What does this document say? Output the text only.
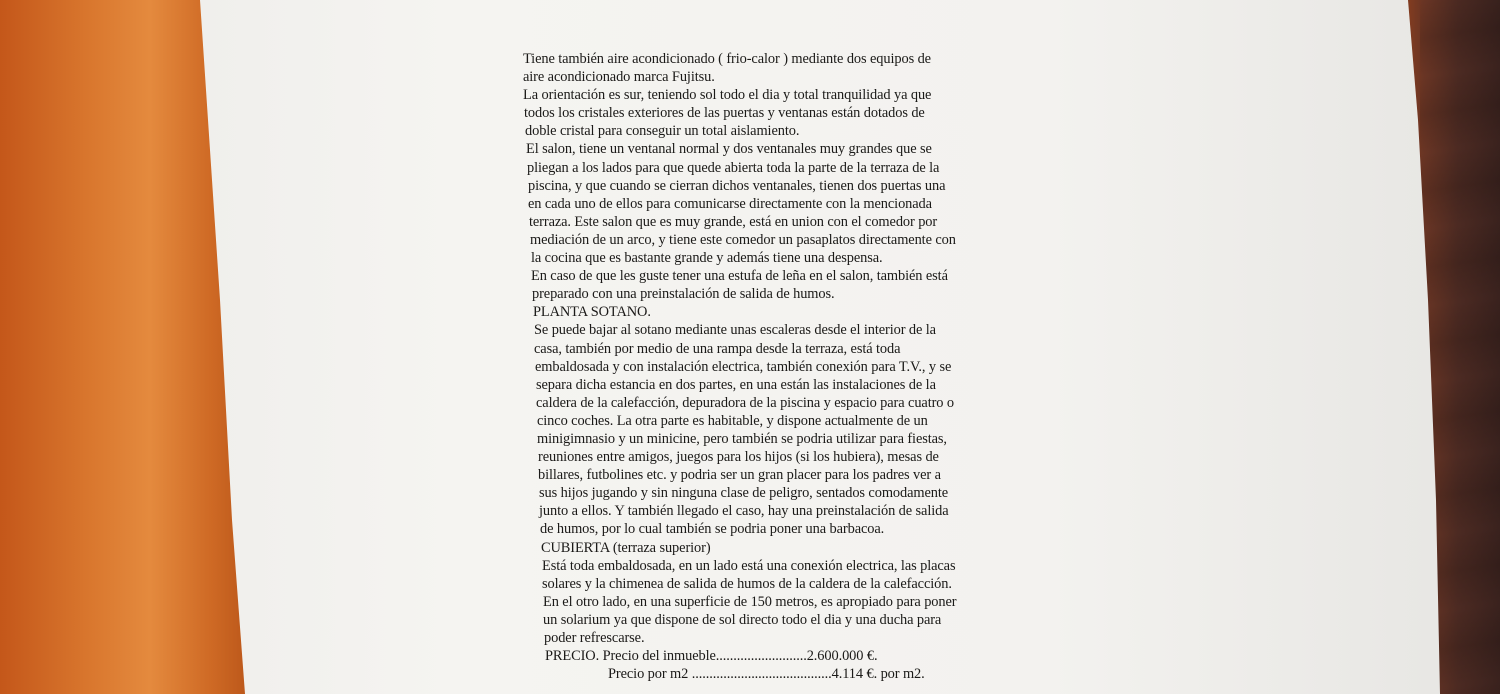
Tiene también aire acondicionado ( frio-calor ) mediante dos equipos de
aire acondicionado marca Fujitsu.
La orientación es sur, teniendo sol todo el dia y total tranquilidad ya que
todos los cristales exteriores de las puertas y ventanas están dotados de
doble cristal para conseguir un total aislamiento.
El salon, tiene un ventanal normal y dos ventanales muy grandes que se
pliegan a los lados para que quede abierta toda la parte de la terraza de la
piscina, y que cuando se cierran dichos ventanales, tienen dos puertas una
en cada uno de ellos para comunicarse directamente con la mencionada
terraza. Este salon que es muy grande, está en union con el comedor por
mediación de un arco, y tiene este comedor un pasaplatos directamente con
la cocina que es bastante grande y además tiene una despensa.
En caso de que les guste tener una estufa de leña en el salon, también está
preparado con una preinstalación de salida de humos.
PLANTA SOTANO.
Se puede bajar al sotano mediante unas escaleras desde el interior de la
casa, también por medio de una rampa desde la terraza, está toda
embaldosada y con instalación electrica, también conexión para T.V., y se
separa dicha estancia en dos partes, en una están las instalaciones de la
caldera de la calefacción, depuradora de la piscina y espacio para cuatro o
cinco coches. La otra parte es habitable, y dispone actualmente de un
minigimnasio y un minicine, pero también se podria utilizar para fiestas,
reuniones entre amigos, juegos para los hijos (si los hubiera), mesas de
billares, futbolines etc. y podria ser un gran placer para los padres ver a
sus hijos jugando y sin ninguna clase de peligro, sentados comodamente
junto a ellos. Y también llegado el caso, hay una preinstalación de salida
de humos, por lo cual también se podria poner una barbacoa.
CUBIERTA (terraza superior)
Está toda embaldosada, en un lado está una conexión electrica, las placas
solares y la chimenea de salida de humos de la caldera de la calefacción.
En el otro lado, en una superficie de 150 metros, es apropiado para poner
un solarium ya que dispone de sol directo todo el dia y una ducha para
poder refrescarse.
PRECIO. Precio del inmueble..........................2.600.000 €.
Precio por m2 ........................................4.114 €. por m2.
